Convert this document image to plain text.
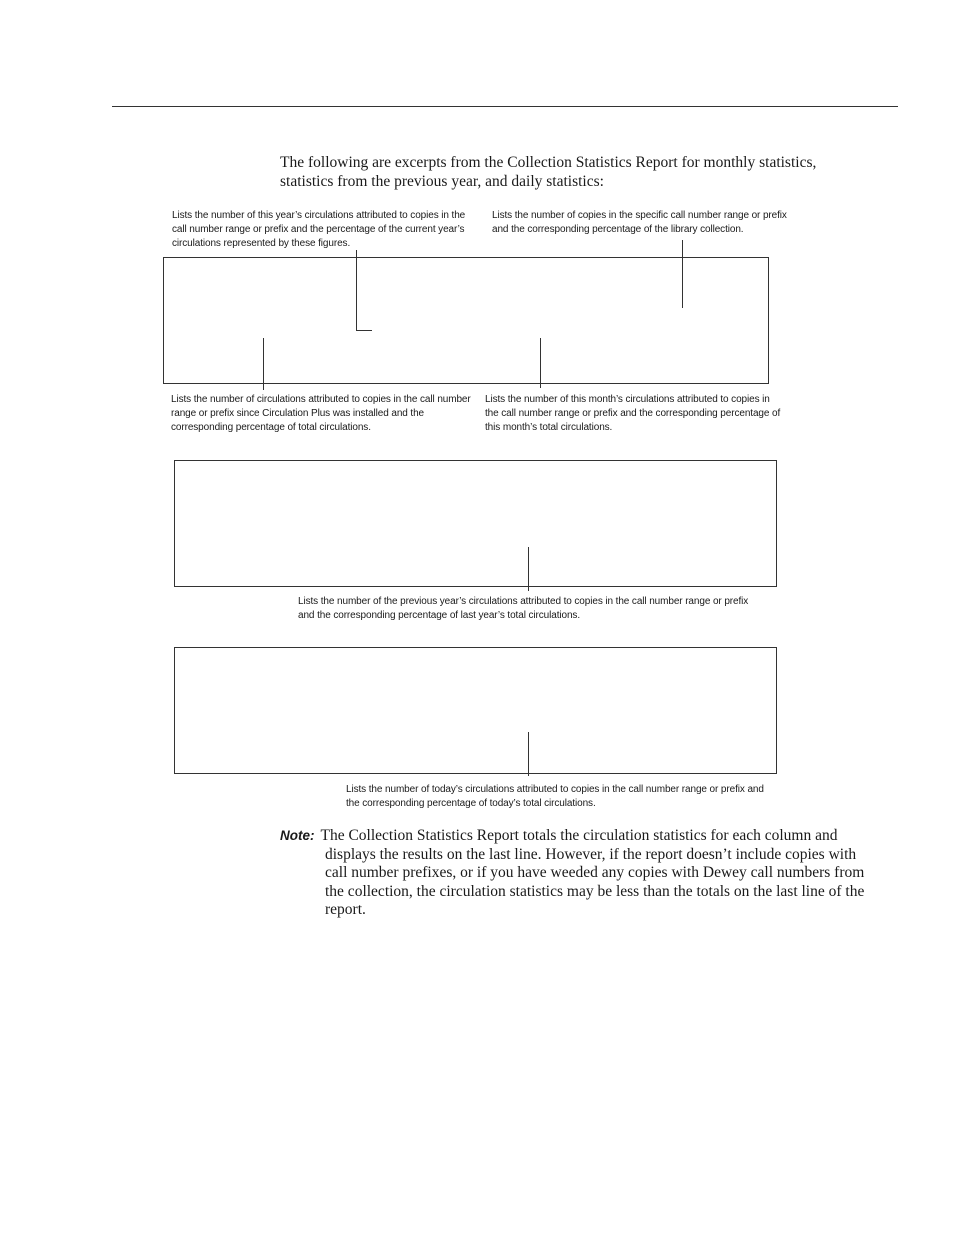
The following are excerpts from the Collection Statistics Report for monthly statistics, statistics from the previous year, and daily statistics:
Lists the number of this year’s circulations attributed to copies in the call number range or prefix and the percentage of the current year’s circulations represented by these figures.
Lists the number of copies in the specific call number range or prefix and the corresponding percentage of the library collection.
Lists the number of circulations attributed to copies in the call number range or prefix since Circulation Plus was installed and the corresponding percentage of total circulations.
Lists the number of this month’s circulations attributed to copies in the call number range or prefix and the corresponding percentage of this month’s total circulations.
Lists the number of the previous year’s circulations attributed to copies in the call number range or prefix and the corresponding percentage of last year’s total circulations.
Lists the number of today’s circulations attributed to copies in the call number range or prefix and the corresponding percentage of today’s total circulations.
Note: The Collection Statistics Report totals the circulation statistics for each column and displays the results on the last line. However, if the report doesn’t include copies with call number prefixes, or if you have weeded any copies with Dewey call numbers from the collection, the circulation statistics may be less than the totals on the last line of the report.
